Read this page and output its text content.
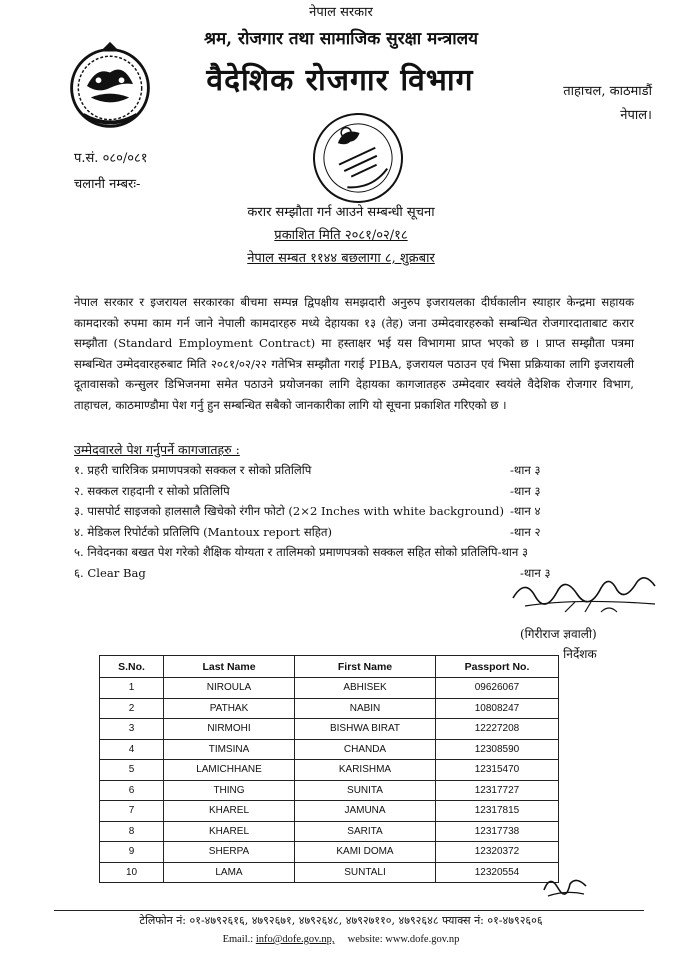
नेपाल सरकार
श्रम, रोजगार तथा सामाजिक सुरक्षा मन्त्रालय
वैदेशिक रोजगार विभाग	ताहाचल, काठमाडौं
नेपाल।
प.सं. ०८०/०८१
चलानी नम्बरः-
करार सम्झौता गर्न आउने सम्बन्धी सूचना
प्रकाशित मिति २०८१/०२/१८
नेपाल सम्बत ११४४ बछलागा ८, शुक्रबार
नेपाल सरकार र इजरायल सरकारका बीचमा सम्पन्न द्विपक्षीय समझदारी अनुरुप इजरायलका दीर्घकालीन स्याहार केन्द्रमा सहायक कामदारको रुपमा काम गर्न जाने नेपाली कामदारहरु मध्ये देहायका १३ (तेह) जना उम्मेदवारहरुको सम्बन्धित रोजगारदाताबाट करार सम्झौता (Standard Employment Contract) मा हस्ताक्षर भई यस विभागमा प्राप्त भएको छ । प्राप्त सम्झौता पत्रमा सम्बन्धित उम्मेदवारहरुबाट मिति २०८१/०२/२२ गतेभित्र सम्झौता गराई PIBA, इजरायल पठाउन एवं भिसा प्रक्रियाका लागि इजरायली दूतावासको कन्सुलर डिभिजनमा समेत पठाउने प्रयोजनका लागि देहायका कागजातहरु उम्मेदवार स्वयंले वैदेशिक रोजगार विभाग, ताहाचल, काठमाण्डौमा पेश गर्नु हुन सम्बन्धित सबैको जानकारीका लागि यो सूचना प्रकाशित गरिएको छ ।
उम्मेदवारले पेश गर्नुपर्ने कागजातहरु :
१. प्रहरी चारित्रिक प्रमाणपत्रको सक्कल र सोको प्रतिलिपि	-थान ३
२. सक्कल राहदानी र सोको प्रतिलिपि	-थान ३
३. पासपोर्ट साइजको हालसालै खिचेको रंगीन फोटो (2×2 Inches with white background) -थान ४
४. मेडिकल रिपोर्टको प्रतिलिपि (Mantoux report सहित)	-थान २
५. निवेदनका बखत पेश गरेको शैक्षिक योग्यता र तालिमको प्रमाणपत्रको सक्कल सहित सोको प्रतिलिपि-थान ३
६. Clear Bag	-थान ३
(गिरीराज ज्ञवाली)
निर्देशक
S.No.	Last Name	First Name	Passport No.
1	NIROULA	ABHISEK	09626067
2	PATHAK	NABIN	10808247
3	NIRMOHI	BISHWA BIRAT	12227208
4	TIMSINA	CHANDA	12308590
5	LAMICHHANE	KARISHMA	12315470
6	THING	SUNITA	12317727
7	KHAREL	JAMUNA	12317815
8	KHAREL	SARITA	12317738
9	SHERPA	KAMI DOMA	12320372
10	LAMA	SUNTALI	12320554
टेलिफोन नं: ०१-४७९२६१६, ४७९२६७१, ४७९२६४८, ४७९२७११०, ४७९२६४८ फ्याक्स नं: ०१-४७९२६०६
Email.: info@dofe.gov.np, website: www.dofe.gov.np
